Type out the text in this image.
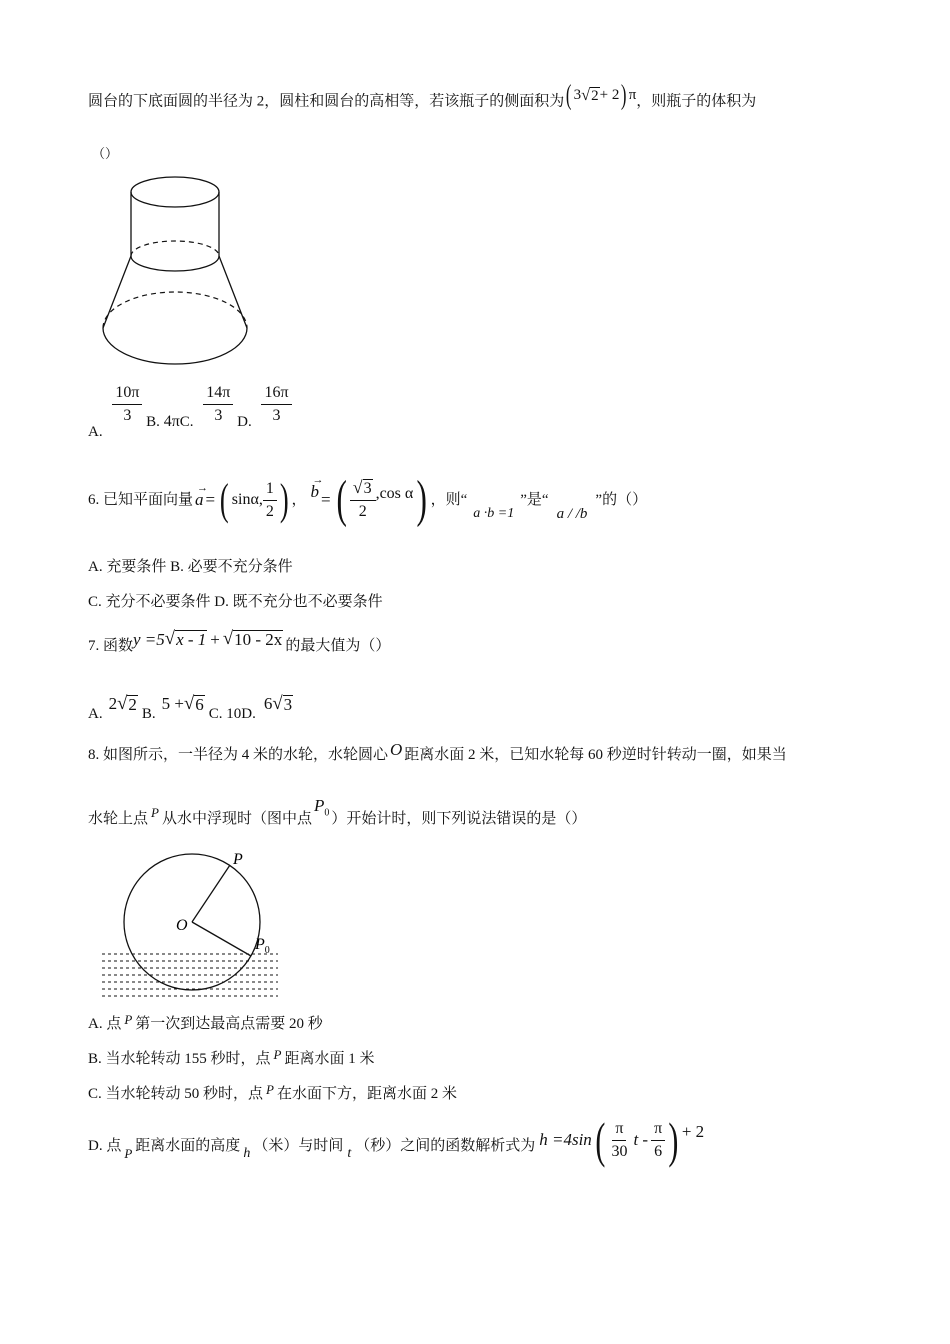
圆台的下底面圆的半径为 2，圆柱和圆台的高相等，若该瓶子的侧面积为( 3 √ 2 + 2) π，则瓶子的体积为
（）
A.
$\frac{10\pi}{3} B$. 4πC. $\frac{14\pi}{3} D$. $\frac{16\pi}{3}$
6. 已知平面向量
→
a = ( sinα, $\frac{1}{2}$ ) ，
→
b = ( $\frac{√ 3}{2} ,\cos$ α ) ，则“
a ·b =1
”是“
a / /b
”的（）
A. 充要条件 B. 必要不充分条件
C. 充分不必要条件 D. 既不充分也不必要条件
7. 函数 y =5 √ x - 1 + √ 10 - 2x 的最大值为（）
A.
2 √ 2
B.
5 + √ 6
C. 10D.
6 √ 3
8. 如图所示，一半径为 4 米的水轮，水轮圆心 O 距离水面 2 米，已知水轮每 60 秒逆时针转动一圈，如果当
水轮上点 P 从水中浮现时（图中点$P_0$ ）开始计时，则下列说法错误的是（）
O
P
$P_0$
A. 点 P 第一次到达最高点需要 20 秒
B. 当水轮转动 155 秒时，点 P 距离水面 1 米
C. 当水轮转动 50 秒时，点 P 在水面下方，距离水面 2 米
D. 点 P 距离水面的高度 h （米）与时间 t （秒）之间的函数解析式为 h =4sin ( $\frac{\pi}{30}$ t - $\frac{\pi}{6}$ ) + 2
